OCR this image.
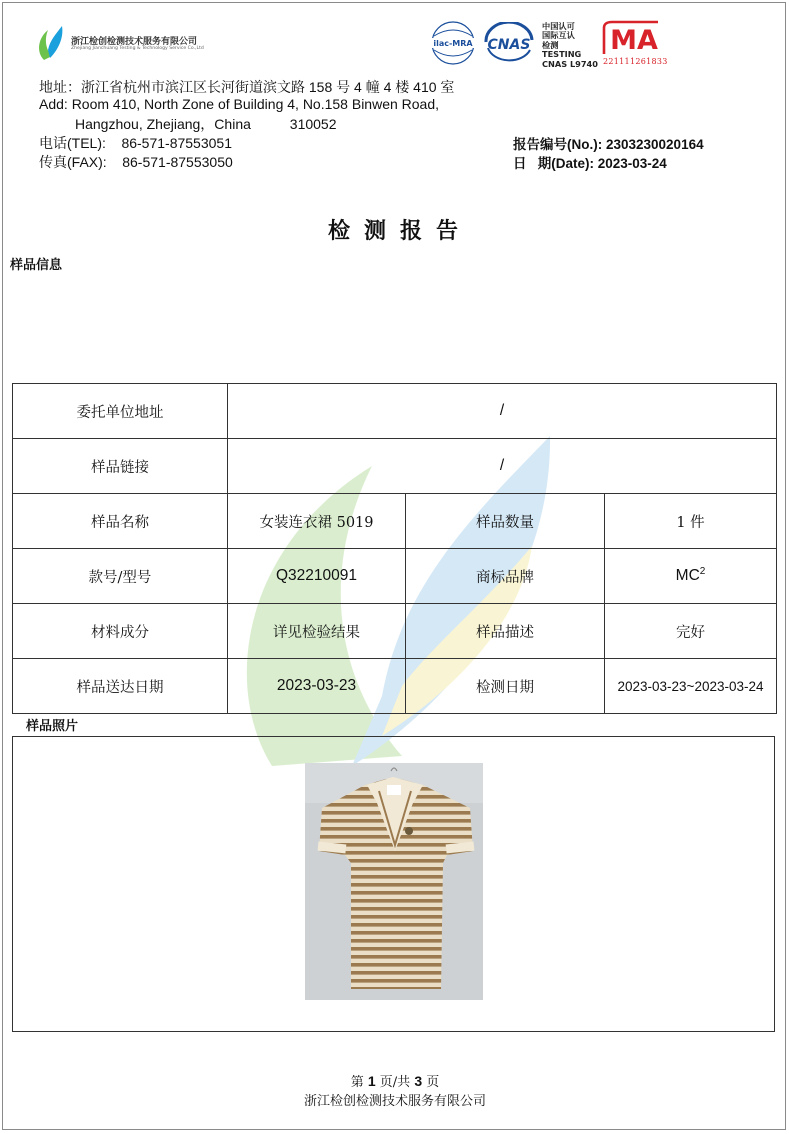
浙江检创检测技术服务有限公司
Zhejiang Jianchuang Testing & Technology Service Co.,Ltd
ilac-MRA CNAS
中国认可
国际互认
检测
TESTING
CNAS L9740
MA
221111261833
地址：浙江省杭州市滨江区长河街道滨文路 158 号 4 幢 4 楼 410 室
Add: Room 410, North Zone of Building 4, No.158 Binwen Road,
Hangzhou, Zhejiang，China          310052
电话(TEL):    86-571-87553051
传真(FAX):    86-571-87553050
报告编号(No.): 2303230020164
日   期(Date): 2023-03-24
检测报告
样品信息
委托单位地址	/		
样品链接	/		
样品名称	女装连衣裙 5019	样品数量	1 件
款号/型号	Q32210091	商标品牌	$MC^2$
材料成分	详见检验结果	样品描述	完好
样品送达日期	2023-03-23	检测日期	2023-03-23~2023-03-24
样品照片
第 1 页/共 3 页
浙江检创检测技术服务有限公司
